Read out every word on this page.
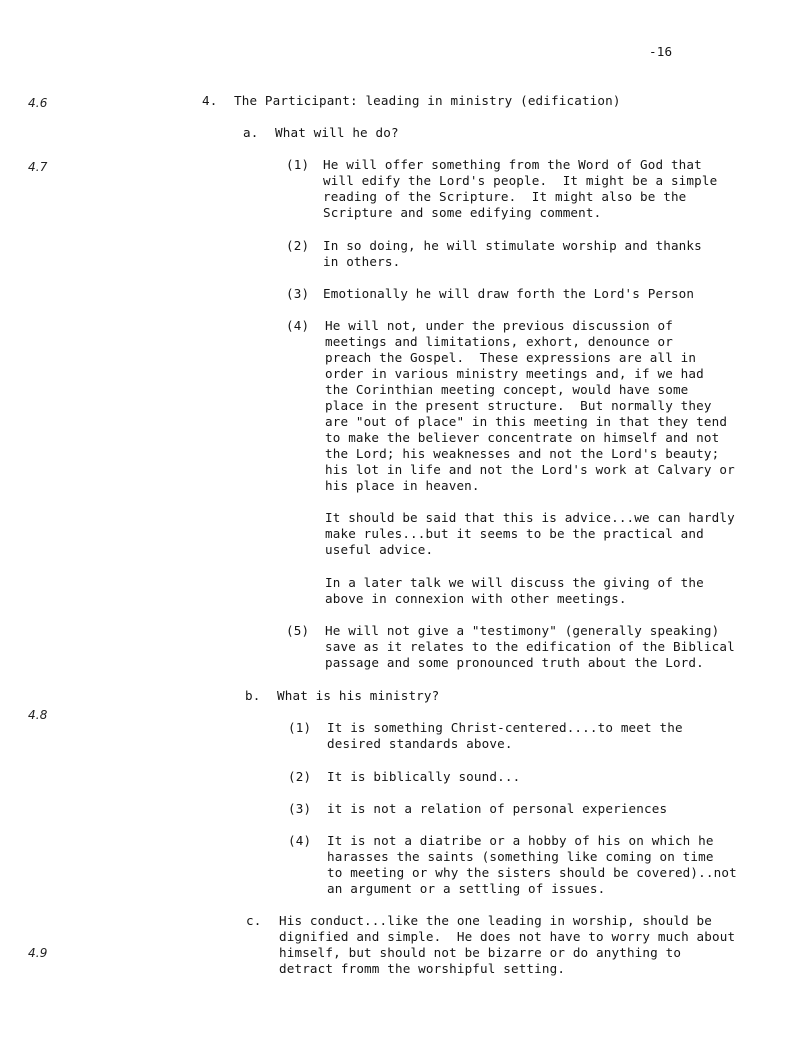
-16
4.6
4.7
4.8
4.9
4. The Participant: leading in ministry (edification)
a. What will he do?
(1) He will offer something from the Word of God that
will edify the Lord's people.  It might be a simple
reading of the Scripture.  It might also be the
Scripture and some edifying comment.
(2) In so doing, he will stimulate worship and thanks
in others.
(3) Emotionally he will draw forth the Lord's Person
(4) He will not, under the previous discussion of
meetings and limitations, exhort, denounce or
preach the Gospel.  These expressions are all in
order in various ministry meetings and, if we had
the Corinthian meeting concept, would have some
place in the present structure.  But normally they
are "out of place" in this meeting in that they tend
to make the believer concentrate on himself and not
the Lord; his weaknesses and not the Lord's beauty;
his lot in life and not the Lord's work at Calvary or
his place in heaven.
It should be said that this is advice...we can hardly
make rules...but it seems to be the practical and
useful advice.
In a later talk we will discuss the giving of the
above in connexion with other meetings.
(5) He will not give a "testimony" (generally speaking)
save as it relates to the edification of the Biblical
passage and some pronounced truth about the Lord.
b. What is his ministry?
(1) It is something Christ-centered....to meet the
desired standards above.
(2) It is biblically sound...
(3) it is not a relation of personal experiences
(4) It is not a diatribe or a hobby of his on which he
harasses the saints (something like coming on time
to meeting or why the sisters should be covered)..not
an argument or a settling of issues.
c. His conduct...like the one leading in worship, should be
dignified and simple.  He does not have to worry much about
himself, but should not be bizarre or do anything to
detract fromm the worshipful setting.
